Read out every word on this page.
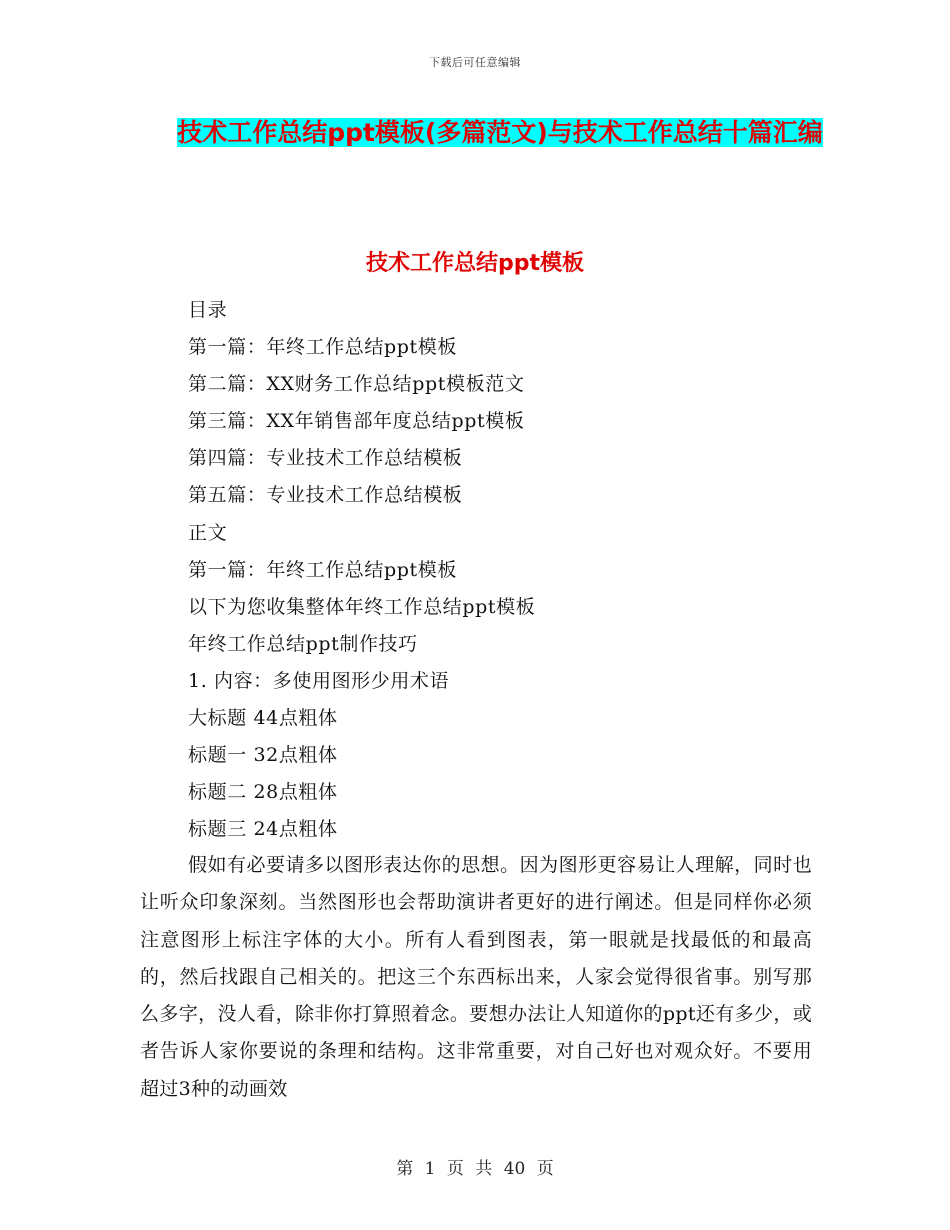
下载后可任意编辑
技术工作总结ppt模板(多篇范文)与技术工作总结十篇汇编
技术工作总结ppt模板
目录
第一篇：年终工作总结ppt模板
第二篇：XX财务工作总结ppt模板范文
第三篇：XX年销售部年度总结ppt模板
第四篇：专业技术工作总结模板
第五篇：专业技术工作总结模板
正文
第一篇：年终工作总结ppt模板
以下为您收集整体年终工作总结ppt模板
年终工作总结ppt制作技巧
1. 内容：多使用图形少用术语
大标题 44点粗体
标题一 32点粗体
标题二 28点粗体
标题三 24点粗体

假如有必要请多以图形表达你的思想。因为图形更容易让人理解，同时也让听众印象深刻。当然图形也会帮助演讲者更好的进行阐述。但是同样你必须注意图形上标注字体的大小。所有人看到图表，第一眼就是找最低的和最高的，然后找跟自己相关的。把这三个东西标出来，人家会觉得很省事。别写那么多字，没人看，除非你打算照着念。要想办法让人知道你的ppt还有多少，或者告诉人家你要说的条理和结构。这非常重要，对自己好也对观众好。不要用超过3种的动画效

第 1 页 共 40 页
